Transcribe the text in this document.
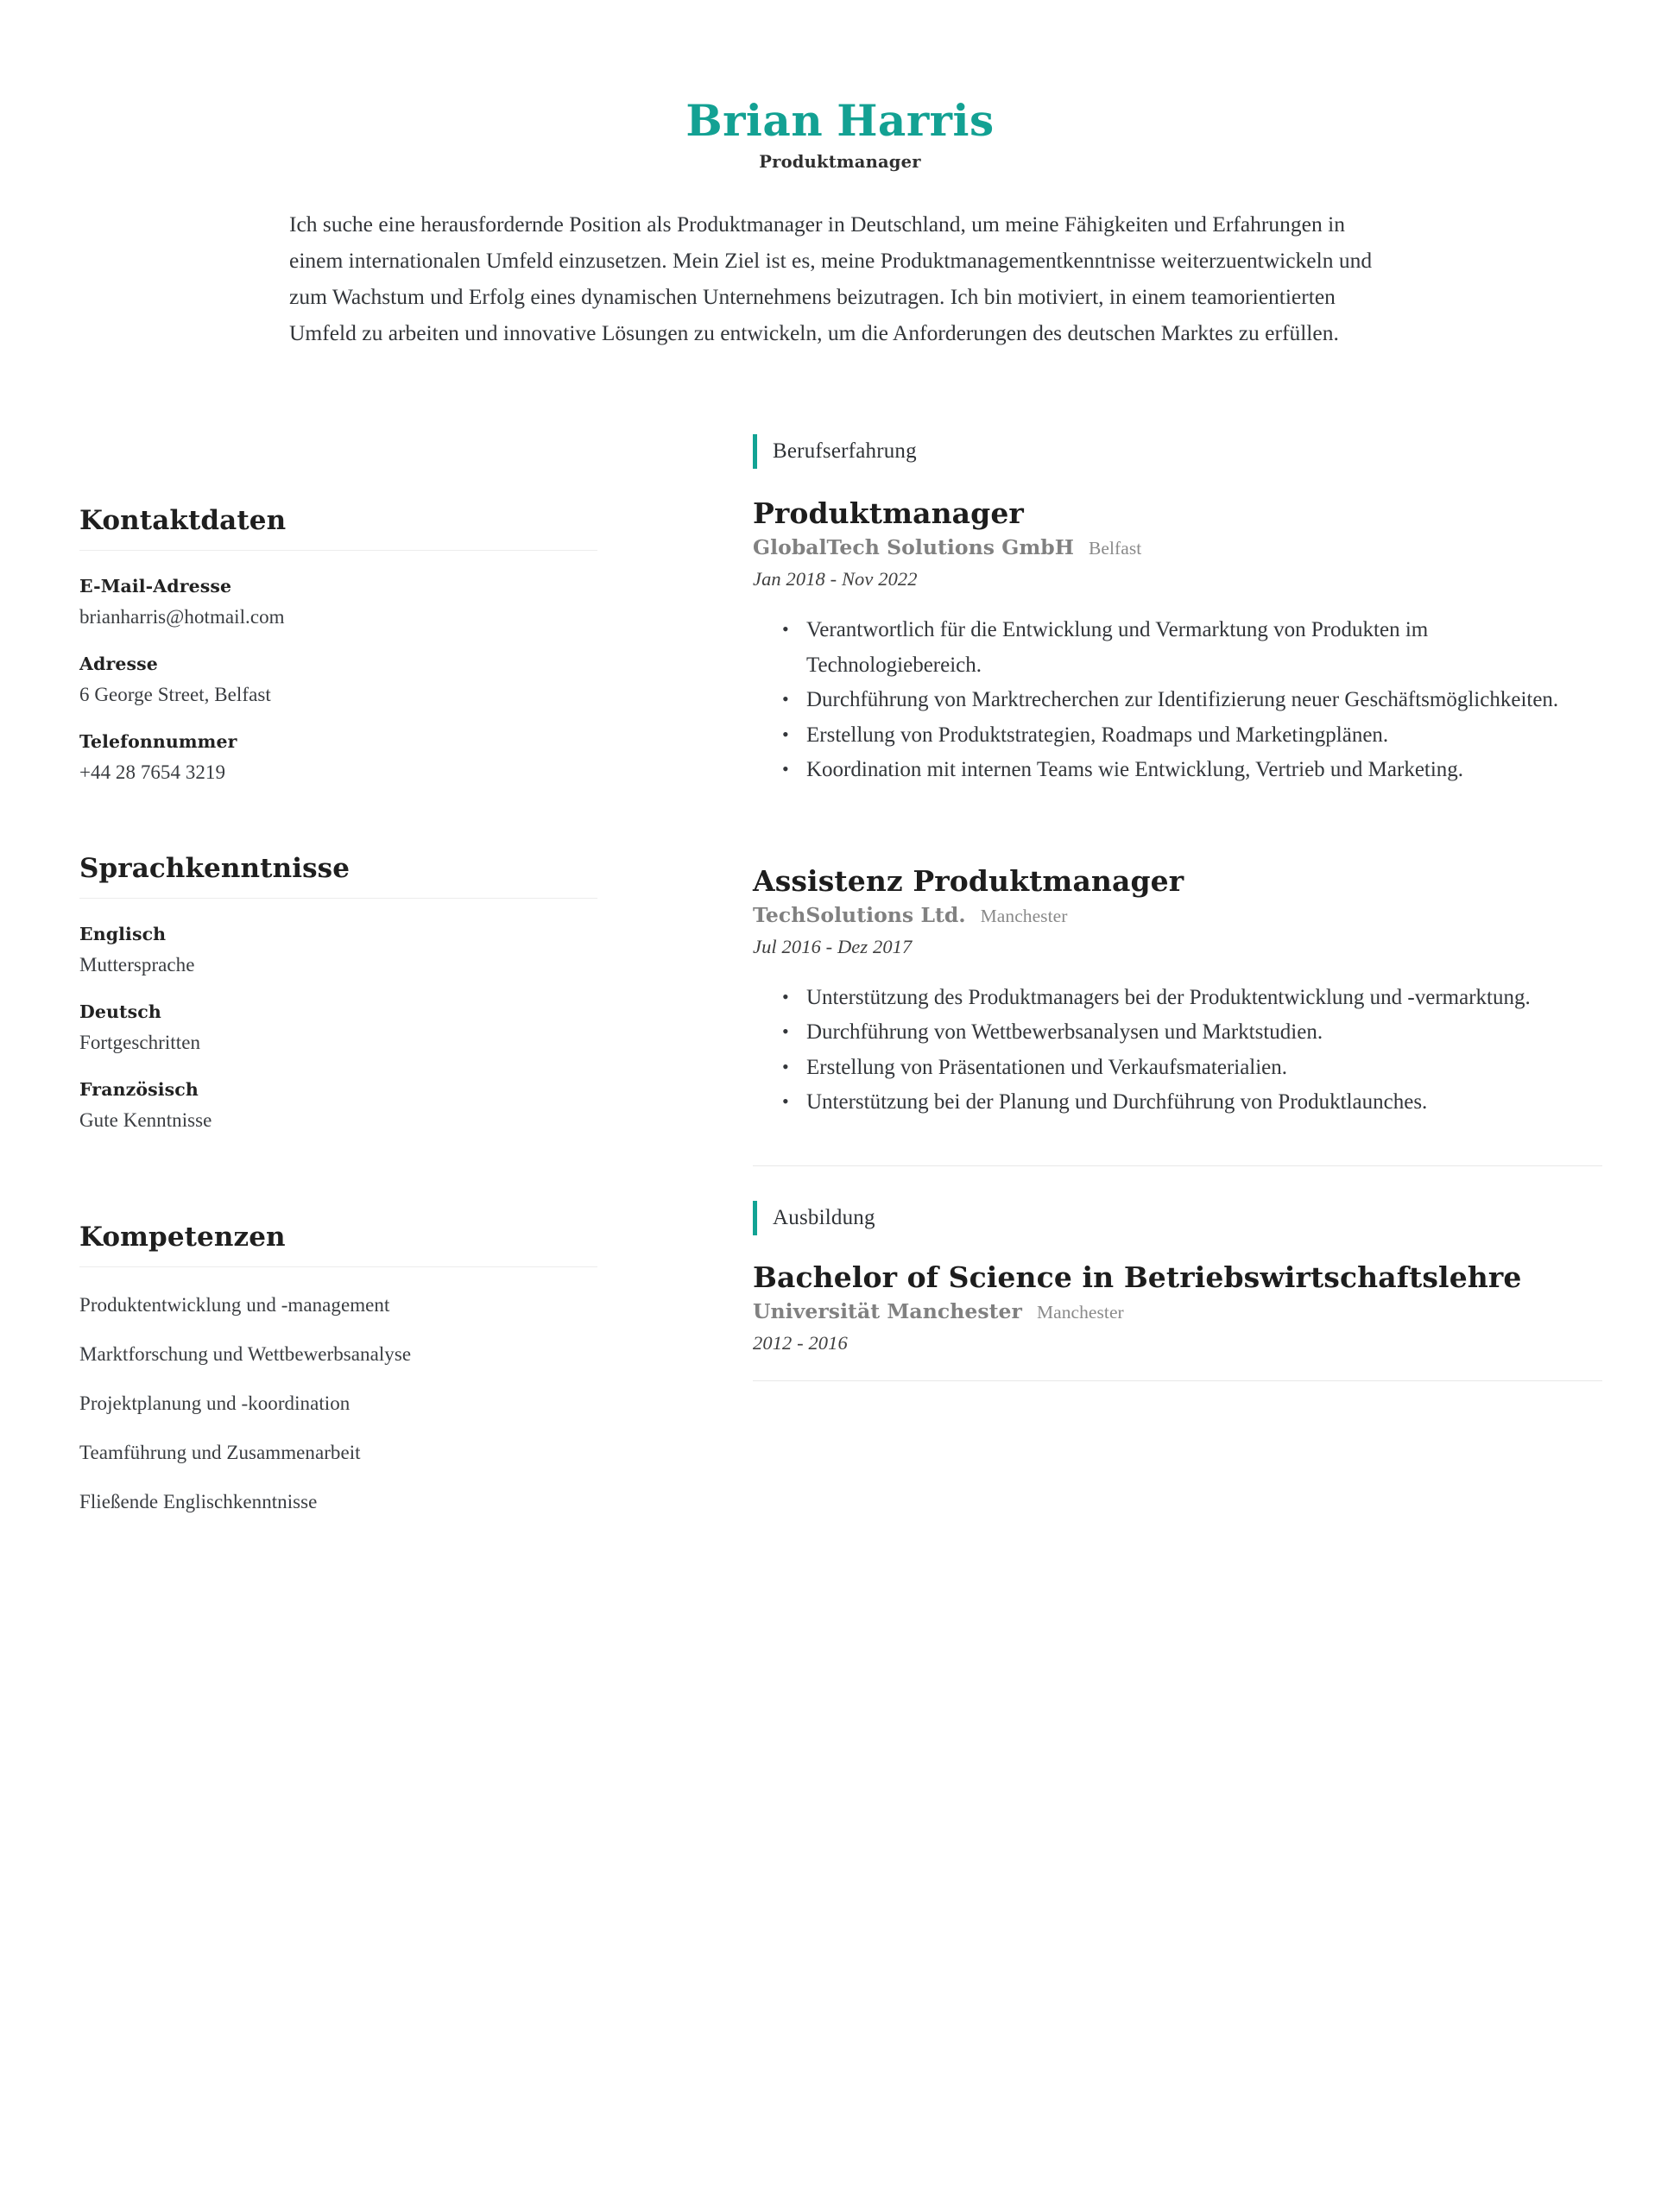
Brian Harris
Produktmanager
Ich suche eine herausfordernde Position als Produktmanager in Deutschland, um meine Fähigkeiten und Erfahrungen in einem internationalen Umfeld einzusetzen. Mein Ziel ist es, meine Produktmanagementkenntnisse weiterzuentwickeln und zum Wachstum und Erfolg eines dynamischen Unternehmens beizutragen. Ich bin motiviert, in einem teamorientierten Umfeld zu arbeiten und innovative Lösungen zu entwickeln, um die Anforderungen des deutschen Marktes zu erfüllen.
Kontaktdaten
E-Mail-Adresse
brianharris@hotmail.com
Adresse
6 George Street, Belfast
Telefonnummer
+44 28 7654 3219
Sprachkenntnisse
Englisch
Muttersprache
Deutsch
Fortgeschritten
Französisch
Gute Kenntnisse
Kompetenzen
Produktentwicklung und -management
Marktforschung und Wettbewerbsanalyse
Projektplanung und -koordination
Teamführung und Zusammenarbeit
Fließende Englischkenntnisse
Berufserfahrung
Produktmanager
GlobalTech Solutions GmbH Belfast
Jan 2018 - Nov 2022
• Verantwortlich für die Entwicklung und Vermarktung von Produkten im Technologiebereich.
• Durchführung von Marktrecherchen zur Identifizierung neuer Geschäftsmöglichkeiten.
• Erstellung von Produktstrategien, Roadmaps und Marketingplänen.
• Koordination mit internen Teams wie Entwicklung, Vertrieb und Marketing.
Assistenz Produktmanager
TechSolutions Ltd. Manchester
Jul 2016 - Dez 2017
• Unterstützung des Produktmanagers bei der Produktentwicklung und -vermarktung.
• Durchführung von Wettbewerbsanalysen und Marktstudien.
• Erstellung von Präsentationen und Verkaufsmaterialien.
• Unterstützung bei der Planung und Durchführung von Produktlaunches.
Ausbildung
Bachelor of Science in Betriebswirtschaftslehre
Universität Manchester Manchester
2012 - 2016
